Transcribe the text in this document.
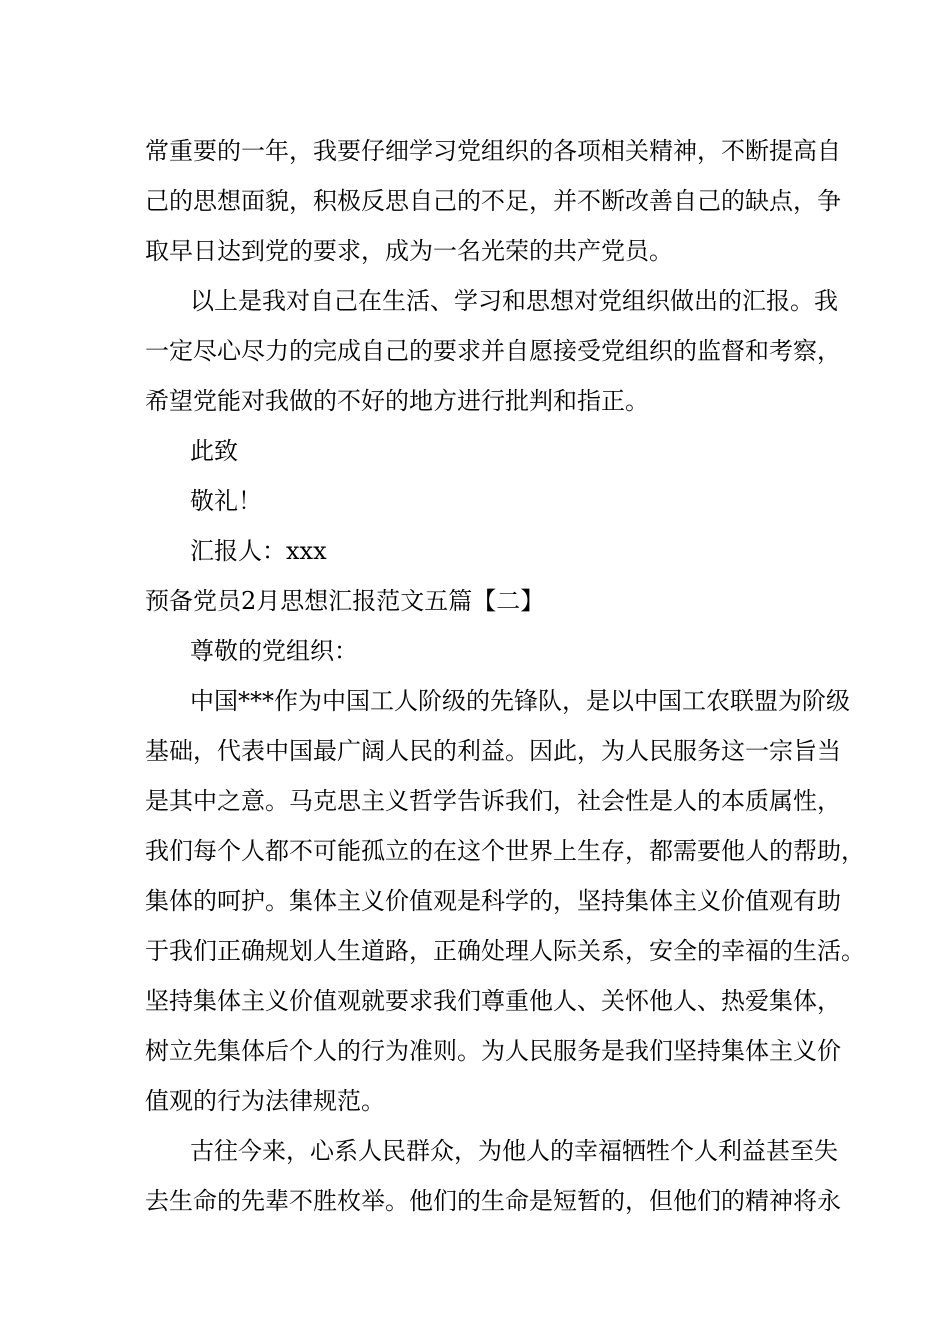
常重要的一年，我要仔细学习党组织的各项相关精神，不断提高自
己的思想面貌，积极反思自己的不足，并不断改善自己的缺点，争
取早日达到党的要求，成为一名光荣的共产党员。
以上是我对自己在生活、学习和思想对党组织做出的汇报。我
一定尽心尽力的完成自己的要求并自愿接受党组织的监督和考察，
希望党能对我做的不好的地方进行批判和指正。
此致
敬礼！
汇报人：xxx
预备党员2月思想汇报范文五篇【二】
尊敬的党组织：
中国***作为中国工人阶级的先锋队，是以中国工农联盟为阶级
基础，代表中国最广阔人民的利益。因此，为人民服务这一宗旨当
是其中之意。马克思主义哲学告诉我们，社会性是人的本质属性，
我们每个人都不可能孤立的在这个世界上生存，都需要他人的帮助，
集体的呵护。集体主义价值观是科学的，坚持集体主义价值观有助
于我们正确规划人生道路，正确处理人际关系，安全的幸福的生活。
坚持集体主义价值观就要求我们尊重他人、关怀他人、热爱集体，
树立先集体后个人的行为准则。为人民服务是我们坚持集体主义价
值观的行为法律规范。
古往今来，心系人民群众，为他人的幸福牺牲个人利益甚至失
去生命的先辈不胜枚举。他们的生命是短暂的，但他们的精神将永
